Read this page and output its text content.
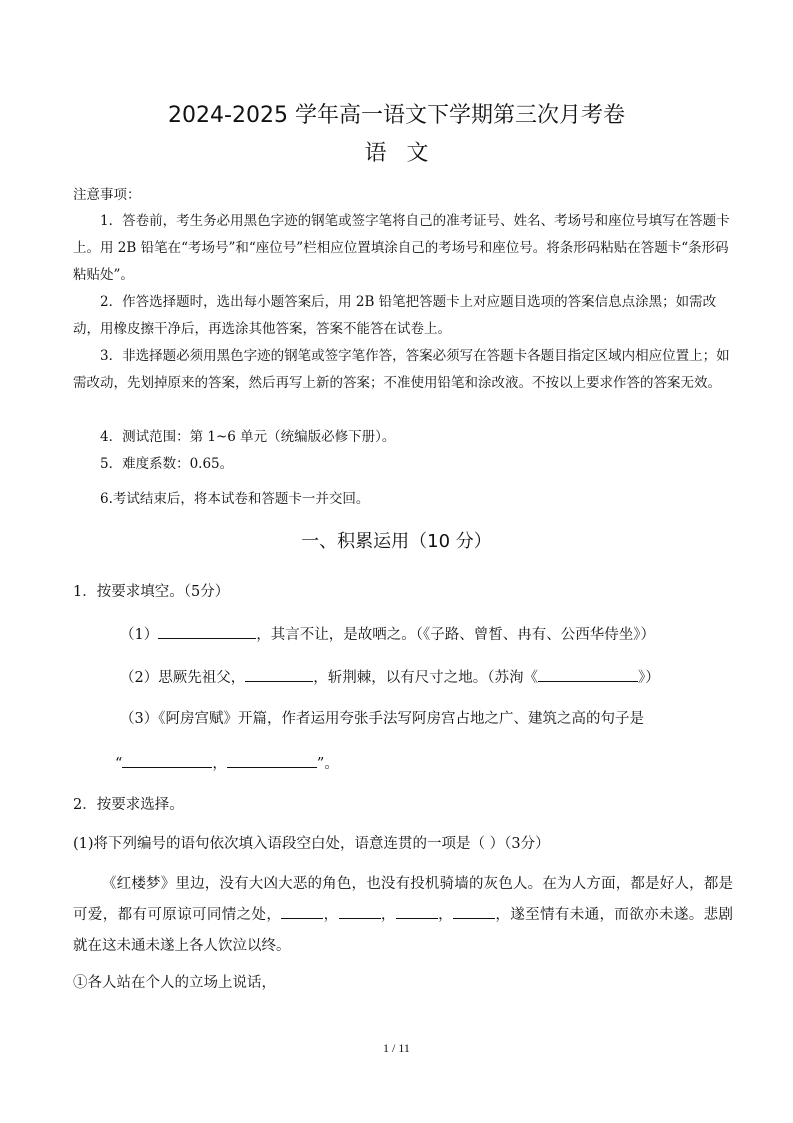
2024-2025 学年高一语文下学期第三次月考卷
语文
注意事项：
1．答卷前，考生务必用黑色字迹的钢笔或签字笔将自己的准考证号、姓名、考场号和座位号填写在答题卡上。用 2B 铅笔在“考场号”和“座位号”栏相应位置填涂自己的考场号和座位号。将条形码粘贴在答题卡“条形码粘贴处”。
2．作答选择题时，选出每小题答案后，用 2B 铅笔把答题卡上对应题目选项的答案信息点涂黑；如需改动，用橡皮擦干净后，再选涂其他答案，答案不能答在试卷上。
3．非选择题必须用黑色字迹的钢笔或签字笔作答，答案必须写在答题卡各题目指定区域内相应位置上；如需改动，先划掉原来的答案，然后再写上新的答案；不准使用铅笔和涂改液。不按以上要求作答的答案无效。
4．测试范围：第 1~6 单元（统编版必修下册）。
5．难度系数：0.65。
6.考试结束后，将本试卷和答题卡一并交回。
一、积累运用（10 分）
1．按要求填空。（5分）
（1）	，其言不让，是故哂之。（《子路、曾皙、冉有、公西华侍坐》）
（2）思厥先祖父，	，斩荆棘，以有尺寸之地。（苏洵《	》）
（3）《阿房宫赋》开篇，作者运用夸张手法写阿房宫占地之广、建筑之高的句子是
“	，	”。
2．按要求选择。
(1)将下列编号的语句依次填入语段空白处，语意连贯的一项是（ ）（3分）
《红楼梦》里边，没有大凶大恶的角色，也没有投机骑墙的灰色人。在为人方面，都是好人，都是可爱，都有可原谅可同情之处，	，	，	，	，遂至情有未通，而欲亦未遂。悲剧就在这未通未遂上各人饮泣以终。
①各人站在个人的立场上说话，
1 / 11
